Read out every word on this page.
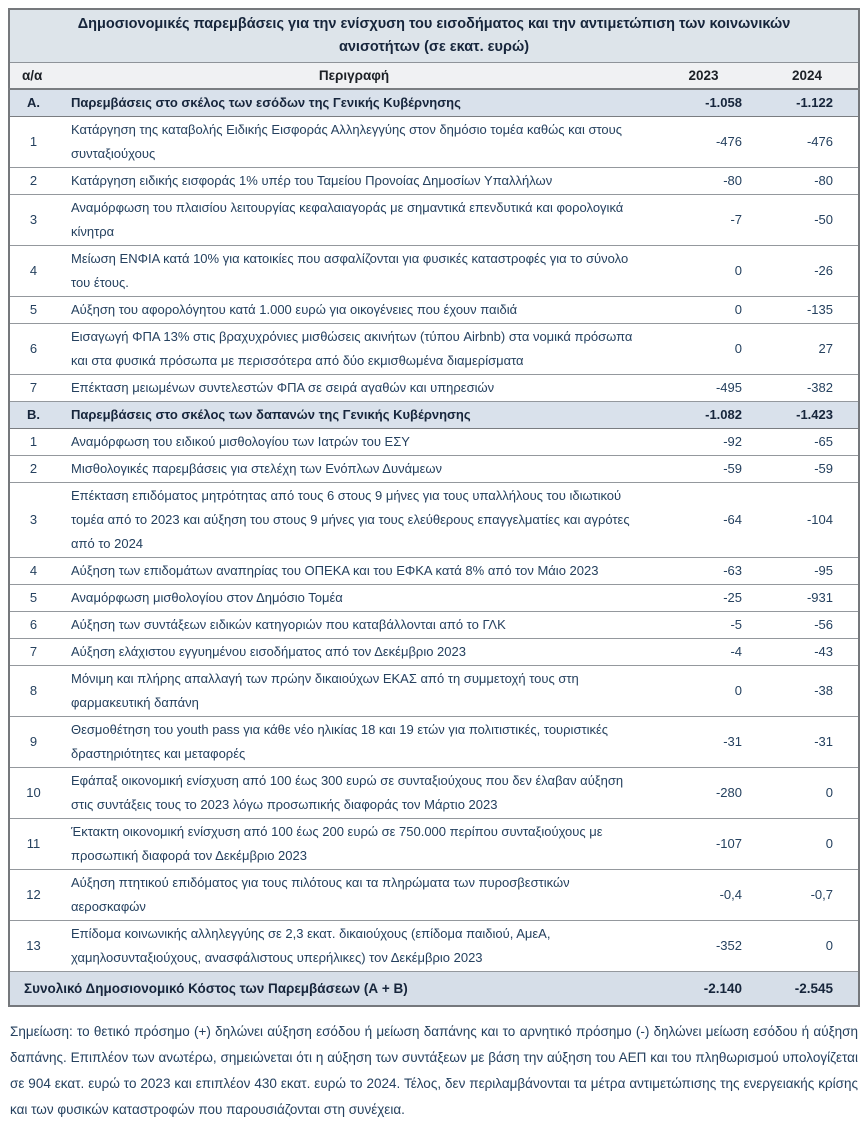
Δημοσιονομικές παρεμβάσεις για την ενίσχυση του εισοδήματος και την αντιμετώπιση των κοινωνικών ανισοτήτων (σε εκατ. ευρώ)			
α/α	Περιγραφή	2023	2024
Α.	Παρεμβάσεις στο σκέλος των εσόδων της Γενικής Κυβέρνησης	-1.058	-1.122
1	Κατάργηση της καταβολής Ειδικής Εισφοράς Αλληλεγγύης στον δημόσιο τομέα καθώς και στους συνταξιούχους	-476	-476
2	Κατάργηση ειδικής εισφοράς 1% υπέρ του Ταμείου Προνοίας Δημοσίων Υπαλλήλων	-80	-80
3	Αναμόρφωση του πλαισίου λειτουργίας κεφαλαιαγοράς με σημαντικά επενδυτικά και φορολογικά κίνητρα	-7	-50
4	Μείωση ΕΝΦΙΑ κατά 10% για κατοικίες που ασφαλίζονται για φυσικές καταστροφές για το σύνολο του έτους.	0	-26
5	Αύξηση του αφορολόγητου κατά 1.000 ευρώ για οικογένειες που έχουν παιδιά	0	-135
6	Εισαγωγή ΦΠΑ 13% στις βραχυχρόνιες μισθώσεις ακινήτων (τύπου Airbnb) στα νομικά πρόσωπα και στα φυσικά πρόσωπα με περισσότερα από δύο εκμισθωμένα διαμερίσματα	0	27
7	Επέκταση μειωμένων συντελεστών ΦΠΑ σε σειρά αγαθών και υπηρεσιών	-495	-382
Β.	Παρεμβάσεις στο σκέλος των δαπανών της Γενικής Κυβέρνησης	-1.082	-1.423
1	Αναμόρφωση του ειδικού μισθολογίου των Ιατρών του ΕΣΥ	-92	-65
2	Μισθολογικές παρεμβάσεις για στελέχη των Ενόπλων Δυνάμεων	-59	-59
3	Επέκταση επιδόματος μητρότητας από τους 6 στους 9 μήνες για τους υπαλλήλους του ιδιωτικού τομέα από το 2023 και αύξηση του στους 9 μήνες για τους ελεύθερους επαγγελματίες και αγρότες από το 2024	-64	-104
4	Αύξηση των επιδομάτων αναπηρίας του ΟΠΕΚΑ και του ΕΦΚΑ κατά 8% από τον Μάιο 2023	-63	-95
5	Αναμόρφωση μισθολογίου στον Δημόσιο Τομέα	-25	-931
6	Αύξηση των συντάξεων ειδικών κατηγοριών που καταβάλλονται από το ΓΛΚ	-5	-56
7	Αύξηση ελάχιστου εγγυημένου εισοδήματος από τον Δεκέμβριο 2023	-4	-43
8	Μόνιμη και πλήρης απαλλαγή των πρώην δικαιούχων ΕΚΑΣ από τη συμμετοχή τους στη φαρμακευτική δαπάνη	0	-38
9	Θεσμοθέτηση του youth pass για κάθε νέο ηλικίας 18 και 19 ετών για πολιτιστικές, τουριστικές δραστηριότητες και μεταφορές	-31	-31
10	Εφάπαξ οικονομική ενίσχυση από 100 έως 300 ευρώ σε συνταξιούχους που δεν έλαβαν αύξηση στις συντάξεις τους το 2023 λόγω προσωπικής διαφοράς τον Μάρτιο 2023	-280	0
11	Έκτακτη οικονομική ενίσχυση από 100 έως 200 ευρώ σε 750.000 περίπου συνταξιούχους με προσωπική διαφορά τον Δεκέμβριο 2023	-107	0
12	Αύξηση πτητικού επιδόματος για τους πιλότους και τα πληρώματα των πυροσβεστικών αεροσκαφών	-0,4	-0,7
13	Επίδομα κοινωνικής αλληλεγγύης σε 2,3 εκατ. δικαιούχους (επίδομα παιδιού, ΑμεΑ, χαμηλοσυνταξιούχους, ανασφάλιστους υπερήλικες) τον Δεκέμβριο 2023	-352	0
Συνολικό Δημοσιονομικό Κόστος των Παρεμβάσεων (Α + Β)		-2.140	-2.545

Σημείωση: το θετικό πρόσημο (+) δηλώνει αύξηση εσόδου ή μείωση δαπάνης και το αρνητικό πρόσημο (-) δηλώνει μείωση εσόδου ή αύξηση δαπάνης. Επιπλέον των ανωτέρω, σημειώνεται ότι η αύξηση των συντάξεων με βάση την αύξηση του ΑΕΠ και του πληθωρισμού υπολογίζεται σε 904 εκατ. ευρώ το 2023 και επιπλέον 430 εκατ. ευρώ το 2024. Τέλος, δεν περιλαμβάνονται τα μέτρα αντιμετώπισης της ενεργειακής κρίσης και των φυσικών καταστροφών που παρουσιάζονται στη συνέχεια.
